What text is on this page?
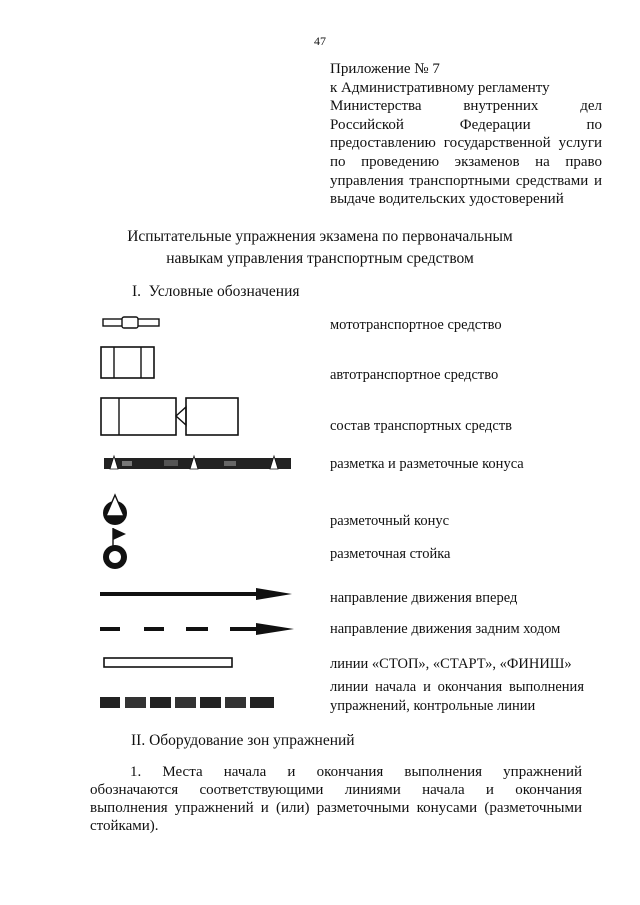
47
Приложение № 7
к Административному регламенту
Министерства внутренних дел
Российской Федерации по
предоставлению государственной услуги
по проведению экзаменов на право
управления транспортными средствами и
выдаче водительских удостоверений
Испытательные упражнения экзамена по первоначальным
навыкам управления транспортным средством
I. Условные обозначения
мототранспортное средство
автотранспортное средство
состав транспортных средств
разметка и разметочные конуса
разметочный конус
разметочная стойка
направление движения вперед
направление движения задним ходом
линии «СТОП», «СТАРТ», «ФИНИШ»
линии начала и окончания выполнения упражнений, контрольные линии
II. Оборудование зон упражнений
1. Места начала и окончания выполнения упражнений
обозначаются соответствующими линиями начала и окончания
выполнения упражнений и (или) разметочными конусами (разметочными
стойками).
